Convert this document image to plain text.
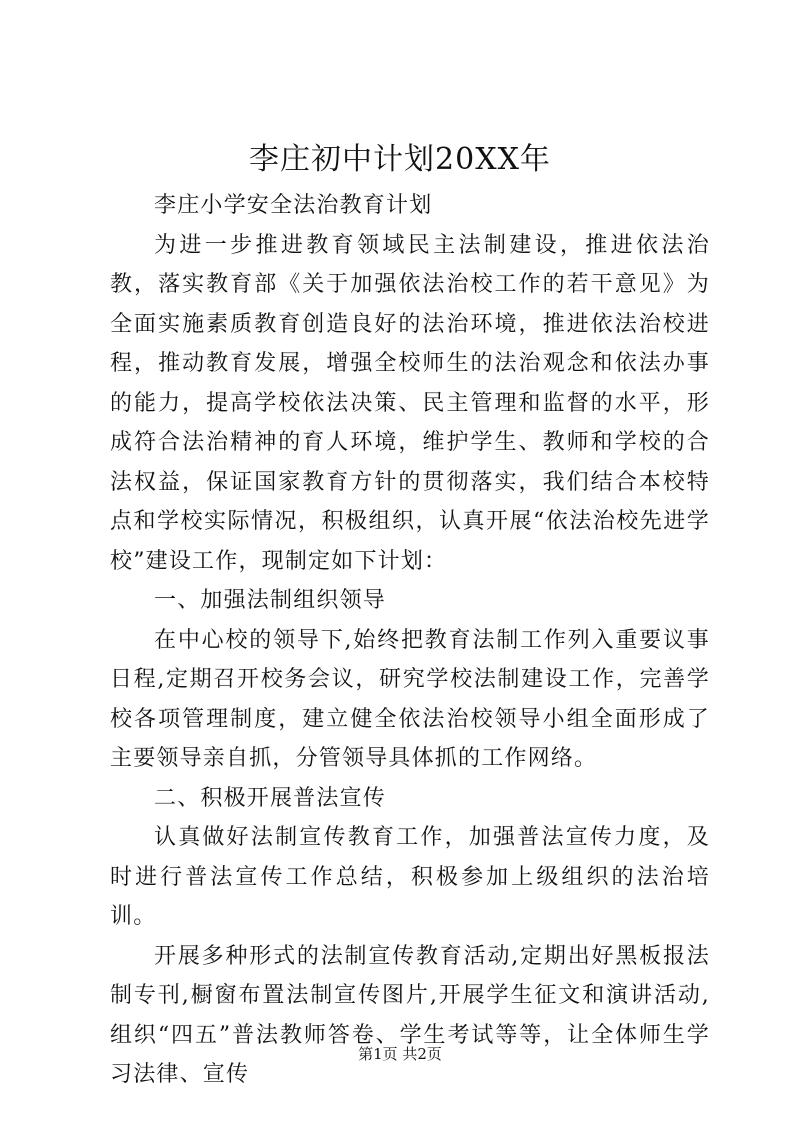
李庄初中计划20XX年

李庄小学安全法治教育计划

为进一步推进教育领域民主法制建设，推进依法治教，落实教育部《关于加强依法治校工作的若干意见》为全面实施素质教育创造良好的法治环境，推进依法治校进程，推动教育发展，增强全校师生的法治观念和依法办事的能力，提高学校依法决策、民主管理和监督的水平，形成符合法治精神的育人环境，维护学生、教师和学校的合法权益，保证国家教育方针的贯彻落实，我们结合本校特点和学校实际情况，积极组织，认真开展“依法治校先进学校”建设工作，现制定如下计划：

一、加强法制组织领导

在中心校的领导下,始终把教育法制工作列入重要议事日程,定期召开校务会议，研究学校法制建设工作，完善学校各项管理制度，建立健全依法治校领导小组全面形成了主要领导亲自抓，分管领导具体抓的工作网络。

二、积极开展普法宣传

认真做好法制宣传教育工作，加强普法宣传力度，及时进行普法宣传工作总结，积极参加上级组织的法治培训。

开展多种形式的法制宣传教育活动,定期出好黑板报法制专刊,橱窗布置法制宣传图片,开展学生征文和演讲活动,组织“四五”普法教师答卷、学生考试等等，让全体师生学习法律、宣传

第1页 共2页
